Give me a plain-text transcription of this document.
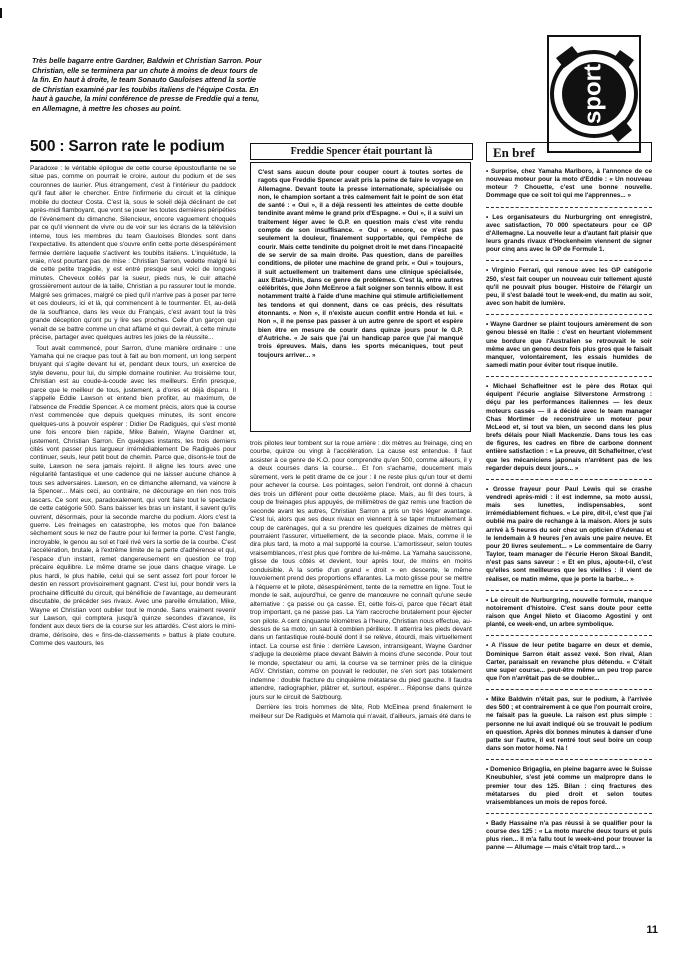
Très belle bagarre entre Gardner, Baldwin et Christian Sarron. Pour Christian, elle se terminera par un chute à moins de deux tours de la fin. En haut à droite, le team Sonauto Gauloises attend la sortie de Christian examiné par les toubibs italiens de l'équipe Costa. En haut à gauche, la mini conférence de presse de Freddie qui a tenu, en Allemagne, à mettre les choses au point.	sport
500 : Sarron rate le podium

Paradoxe : le véritable épilogue de cette course époustouflante ne se situe pas, comme on pourrait le croire, autour du podium et de ses couronnes de laurier. Plus étrangement, c'est à l'intérieur du paddock qu'il faut aller le chercher. Entre l'infirmerie du circuit et la clinique mobile du docteur Costa. C'est là, sous le soleil déjà déclinant de cet après-midi flamboyant, que vont se jouer les toutes dernières péripéties de l'événement du dimanche. Silencieux, encore vaguement choqués par ce qu'il viennent de vivre ou de voir sur les écrans de la télévision interne, tous les membres du team Gauloises Blondes sont dans l'expectative. Ils attendent que s'ouvre enfin cette porte désespérément fermée derrière laquelle s'activent les toubibs italiens. L'inquiétude, la vraie, n'est pourtant pas de mise : Christian Sarron, vedette malgré lui de cette petite tragédie, y est entré presque seul voici de longues minutes. Cheveux collés par la sueur, pieds nus, le cuir attaché grossièrement autour de la taille, Christian a pu rassurer tout le monde. Malgré ses grimaces, malgré ce pied qu'il n'arrive pas à poser par terre et ces douleurs, ici et là, qui commencent à le tourmenter. Et, au-delà de la souffrance, dans les veux du Français, c'est avant tout la très grande déception qu'ont pu y lire ses proches. Celle d'un garçon qui venait de se battre comme un chat affamé et qui devrait, à cette minute précise, partager avec quelques autres les joies de la réussite...

Tout avait commencé, pour Sarron, d'une manière ordinaire : une Yamaha qui ne craque pas tout à fait au bon moment, un long serpent bruyant qui s'agite devant lui et, pendant deux tours, un exercice de style devenu, pour lui, du simple domaine routinier. Au troisième tour, Christian est au coude-à-coude avec les meilleurs. Enfin presque, parce que le meilleur de tous, justement, a d'ores et déjà disparu. Il s'appelle Eddie Lawson et entend bien profiter, au maximum, de l'absence de Freddie Spencer. A ce moment précis, alors que la course n'est commencée que depuis quelques minutes, ils sont encore quelques-uns à pouvoir espérer : Didier De Radiguès, qui s'est monté une fois encore bien rapide, Mike Balwin, Wayne Gardner et, justement, Christian Sarron. En quelques instants, les trois derniers cités vont passer plus largueur irrémédiablement De Radiguès pour continuer, seuls, leur petit bout de chemin. Parce que, disons-le tout de suite, Lawson ne sera jamais rejoint. Il aligne les tours avec une régularité fantastique et une cadence qui ne laisser aucune chance à tous ses adversaires. Lawson, en ce dimanche allemand, va vaincre à la Spencer... Mais ceci, au contraire, ne décourage en rien nos trois lascars. Ce sont eux, paradoxalement, qui vont faire tout le spectacle de cette catégorie 500. Sans baisser les bras un instant, il savent qu'ils ouvrent, désormais, pour la seconde marche du podium. Alors c'est la guerre. Les freinages en catastrophe, les motos que l'on balance sèchement sous le nez de l'autre pour lui fermer la porte. C'est l'angle, incroyable, le genou au sol et l'œil rivé vers la sortie de la courbe. C'est l'accélération, brutale, à l'extrême limite de la perte d'adhérence et qui, l'espace d'un instant, remet dangereusement en question ce trop précaire équilibre. Le même drame se joue dans chaque virage. Le plus hardi, le plus habile, celui qui se sent assez fort pour forcer le destin en ressort provisoirement gagnant. C'est lui, pour bondir vers la prochaine difficulté du circuit, qui bénéficie de l'avantage, au demeurant discutable, de précéder ses rivaux. Avec une pareille émulation, Mike, Wayne et Christian vont oublier tout le monde. Sans vraiment revenir sur Lawson, qui comptera jusqu'à quinze secondes d'avance, ils fondent aux deux tiers de la course sur les attardés. C'est alors le mini-drame, dérisoire, des « fins-de-classements » battus à plate couture. Comme des vautours, les

Freddie Spencer était pourtant là

C'est sans aucun doute pour couper court à toutes sortes de ragots que Freddie Spencer avait pris la peine de faire le voyage en Allemagne. Devant toute la presse internationale, spécialisée ou non, le champion sortant a très calmement fait le point de son état de santé : « Oui », il a déjà ressenti les atteintes de cette double tendinite avant même le grand prix d'Espagne. « Oui », il a suivi un traitement léger avec le G.P. en question mais c'est vite rendu compte de son insuffisance. « Oui » encore, ce n'est pas seulement la douleur, finalement supportable, qui l'empêche de courir. Mais cette tendinite du poignet droit le met dans l'incapacité de se servir de sa main droite. Pas question, dans de pareilles conditions, de piloter une machine de grand prix. « Oui » toujours, il suit actuellement un traitement dans une clinique spécialisée, aux Etats-Unis, dans ce genre de problèmes. C'est là, entre autres célébrités, que John McEnroe a fait soigner son tennis elbow. Il est notamment traité à l'aide d'une machine qui stimule artificiellement les tendons et qui donnent, dans ce cas précis, des résultats étonnants. « Non », il n'existe aucun conflit entre Honda et lui. « Non », il ne pense pas passer à un autre genre de sport et espère bien être en mesure de courir dans quinze jours pour le G.P. d'Autriche. « Je sais que j'ai un handicap parce que j'ai manqué trois épreuves. Mais, dans les sports mécaniques, tout peut toujours arriver... »

trois pilotes leur tombent sur la roue arrière : dix mètres au freinage, cinq en courbe, quinze ou vingt à l'accélération. La cause est entendue. Il faut assister à ce genre de K.O. pour comprendre qu'en 500, comme ailleurs, il y a deux courses dans la course... Et l'on s'acharne, doucement mais sûrement, vers le petit drame de ce jour : il ne reste plus qu'un tour et demi pour achever la course. Les pointages, selon l'endroit, ont donné à chacun des trois un différent pour cette deuxième place. Mais, au fil des tours, à coup de freinages plus appuyés, de millimètres de gaz remis une fraction de seconde avant les autres, Christian Sarron a pris un très léger avantage. C'est lui, alors que ses deux rivaux en viennent à se taper mutuellement à coup de carénages, qui a su prendre les quelques dizaines de mètres qui pourraient l'assurer, virtuellement, de la seconde place. Mais, comme il le dira plus tard, la moto a mal supporté la course. L'amortisseur, selon toutes vraisemblances, n'est plus que l'ombre de lui-même. La Yamaha saucissone, glisse de tous côtés et devient, tour après tour, de moins en moins conduisible. A la sortie d'un grand « droit » en descente, le même louvoiement prend des proportions effarantes. La moto glisse pour se mettre à l'équerre et le pilote, désespérément, tente de la remettre en ligne. Tout le monde le sait, aujourd'hui, ce genre de manœuvre ne connaît qu'une seule alternative : ça passe ou ça casse. Et, cette fois-ci, parce que l'écart était trop important, ça ne passe pas. La Yam raccroche brutalement pour éjecter son pilote. A cent cinquante kilomètres à l'heure, Christian nous effectue, au-dessus de sa moto, un saut à combien périlleux. Il atterrira les pieds devant dans un fantastique roulé-boulé dont il se relève, étourdi, mais virtuellement intact. La course est finie : derrière Lawson, intransigeant, Wayne Gardner s'adjuge la deuxième place devant Balwin à moins d'une seconde. Pour tout le monde, spectateur ou ami, la course va se terminer près de la clinique AGV. Christian, comme on pouvait le redouter, ne s'en sort pas totalement indemne : double fracture du cinquième métatarse du pied gauche. Il faudra attendre, radiographier, plâtrer et, surtout, espérer... Réponse dans quinze jours sur le circuit de Salzbourg.

Derrière les trois hommes de tête, Rob McElnea prend finalement le meilleur sur De Radiguès et Mamola qui n'avait, d'ailleurs, jamais été dans le

En bref
• Surprise, chez Yamaha Marlboro, à l'annonce de ce nouveau moteur pour la moto d'Eddie : « Un nouveau moteur ? Chouette, c'est une bonne nouvelle. Dommage que ce soit toi qui me l'apprennes... »
• Les organisateurs du Nurburgring ont enregistré, avec satisfaction, 70 000 spectateurs pour ce GP d'Allemagne. La nouvelle leur a d'autant fait plaisir que leurs grands rivaux d'Hockenheim viennent de signer pour cinq ans avec le GP de Formule 1.
• Virginio Ferrari, qui renoue avec les GP catégorie 250, s'est fait couper un nouveau cuir tellement ajusté qu'il ne pouvait plus bouger. Histoire de l'élargir un peu, il s'est baladé tout le week-end, du matin au soir, avec son habit de lumière.
• Wayne Gardner se plaint toujours amèrement de son genou blessé en Italie : c'est en heurtant violemment une bordure que l'Australien se retrouvait le soir même avec un genou deux fois plus gros que le faisait manquer, volontairement, les essais humides de samedi matin pour éviter tout risque inutile.
• Michael Schafleitner est le père des Rotax qui équipent l'écurie anglaise Silverstone Armstrong : déçu par les performances italiennes — les deux moteurs cassés — il a décidé avec le team manager Chas Mortimer de reconstruire un moteur pour McLeod et, si tout va bien, un second dans les plus brefs délais pour Niall Mackenzie. Dans tous les cas de figures, les cadres en fibre de carbone donnent entière satisfaction : « La preuve, dit Schafleitner, c'est que les mécaniciens japonais n'arrêtent pas de les regarder depuis deux jours... »
• Grosse frayeur pour Paul Lewis qui se crashe vendredi après-midi : il est indemne, sa moto aussi, mais ses lunettes, indispensables, sont irrémédiablement fichues. « Le pire, dit-il, c'est que j'ai oublié ma paire de rechange à la maison. Alors je suis arrivé à 5 heures du soir chez un opticien d'Adenau et le lendemain à 9 heures j'en avais une paire neuve. Et pour 20 livres seulement... » Le commentaire de Garry Taylor, team manager de l'écurie Heron Skoal Bandit, n'est pas sans saveur : « Et en plus, ajoute-t-il, c'est qu'elles sont meilleures que les vieilles : il vient de réaliser, ce matin même, que je porte la barbe... »
• Le circuit de Nurburgring, nouvelle formule, manque notoirement d'histoire. C'est sans doute pour cette raison que Angel Nieto et Giacomo Agostini y ont planté, ce week-end, un arbre symbolique.
• A l'issue de leur petite bagarre en deux et demie, Dominique Sarron était assez vexé. Son rival, Alan Carter, paraissait en revanche plus détendu. « C'était une super course... peut-être même un peu trop parce que l'on n'arrêtait pas de se doubler...
• Mike Baldwin n'était pas, sur le podium, à l'arrivée des 500 ; et contrairement à ce que l'on pourrait croire, ne faisait pas la gueule. La raison est plus simple : personne ne lui avait indiqué où se trouvait le podium en question. Après dix bonnes minutes à danser d'une patte sur l'autre, il est rentré tout seul boire un coup dans son motor home. Na !
• Domenico Brigaglia, en pleine bagarre avec le Suisse Kneubuhler, s'est jeté comme un malpropre dans le premier tour des 125. Bilan : cinq fractures des métatarses du pied droit et selon toutes vraisemblances un mois de repos forcé.
• Bady Hassaine n'a pas réussi à se qualifier pour la course des 125 : « La moto marche deux tours et puis plus rien... Il m'a fallu tout le week-end pour trouver la panne — Allumage — mais c'était trop tard... »
11
